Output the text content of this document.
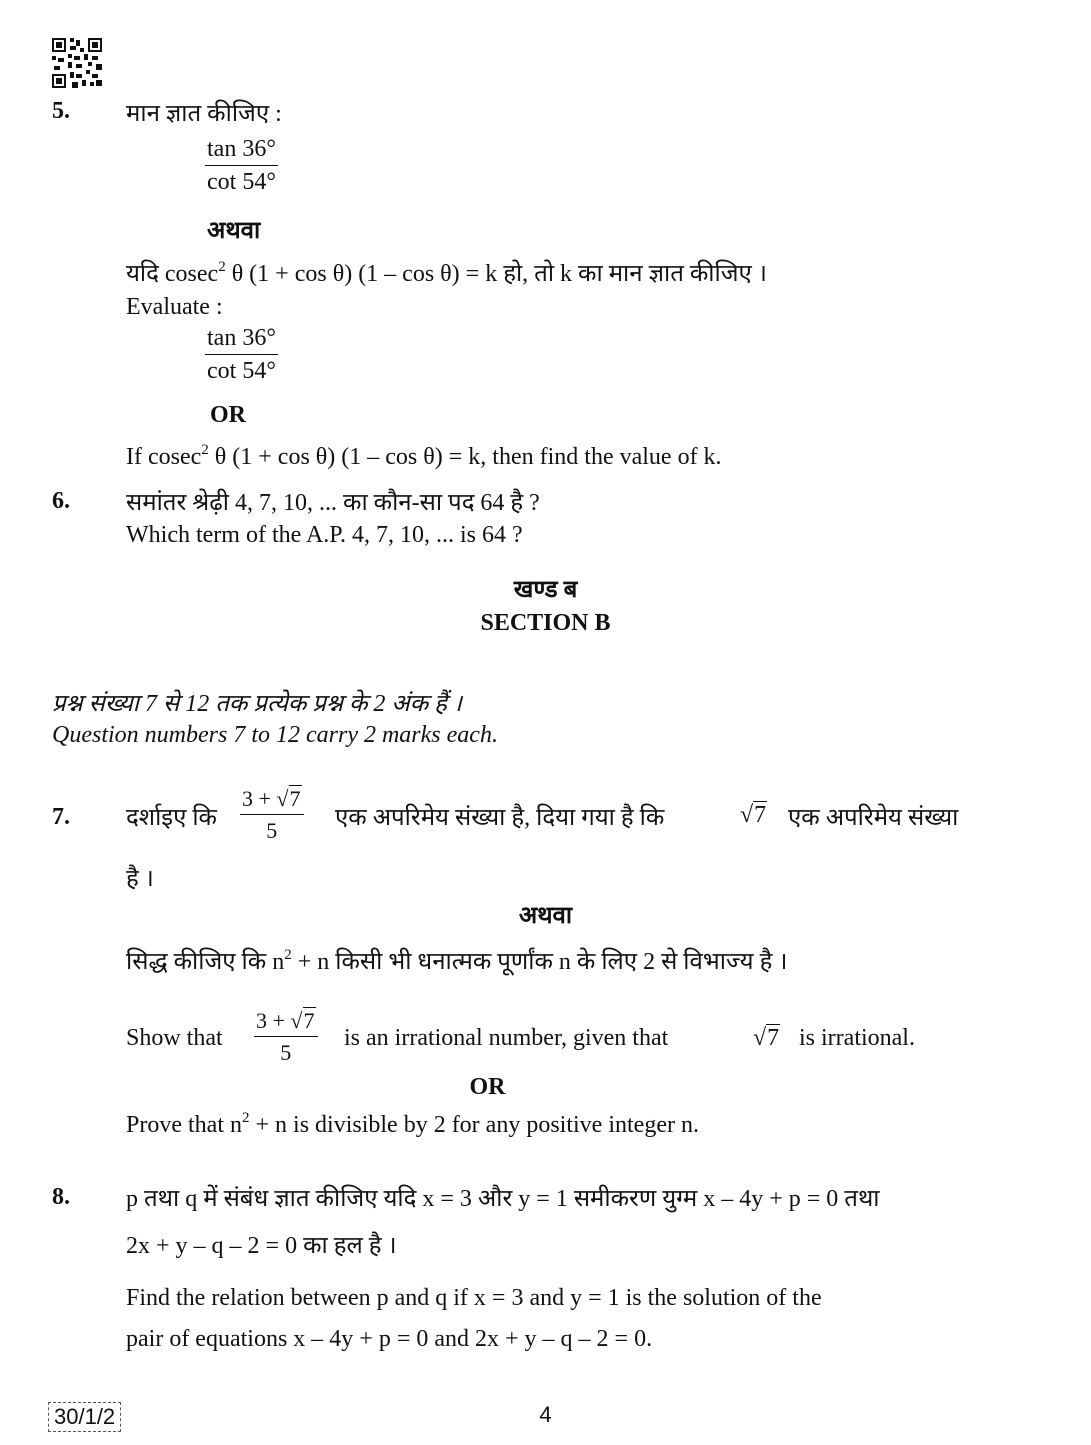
5. मान ज्ञात कीजिए :
$\frac{\tan 36^\circ}{\cot 54^\circ}$
अथवा
यदि cosec$^2$ θ (1 + cos θ) (1 – cos θ) = k हो, तो k का मान ज्ञात कीजिए ।
Evaluate :
$\frac{\tan 36^\circ}{\cot 54^\circ}$
OR
If cosec$^2$ θ (1 + cos θ) (1 – cos θ) = k, then find the value of k.
6. समांतर श्रेढ़ी 4, 7, 10, ... का कौन-सा पद 64 है ?
Which term of the A.P. 4, 7, 10, ... is 64 ?
खण्ड ब
SECTION B
प्रश्न संख्या 7 से 12 तक प्रत्येक प्रश्न के 2 अंक हैं ।
Question numbers 7 to 12 carry 2 marks each.
7. दर्शाइए कि $\frac{3 + √7}{5}$ एक अपरिमेय संख्या है, दिया गया है कि	√7 एक अपरिमेय संख्या
है ।
अथवा
सिद्ध कीजिए कि $n^2 + n$ किसी भी धनात्मक पूर्णांक n के लिए 2 से विभाज्य है ।
Show that $\frac{3 + √7}{5}$ is an irrational number, given that	√7 is irrational.
OR
Prove that $n^2 + n$ is divisible by 2 for any positive integer n.
8. p तथा q में संबंध ज्ञात कीजिए यदि x = 3 और y = 1 समीकरण युग्म x – 4y + p = 0 तथा
2x + y – q – 2 = 0 का हल है ।
Find the relation between p and q if x = 3 and y = 1 is the solution of the
pair of equations x – 4y + p = 0 and 2x + y – q – 2 = 0.
30/1/2	4
